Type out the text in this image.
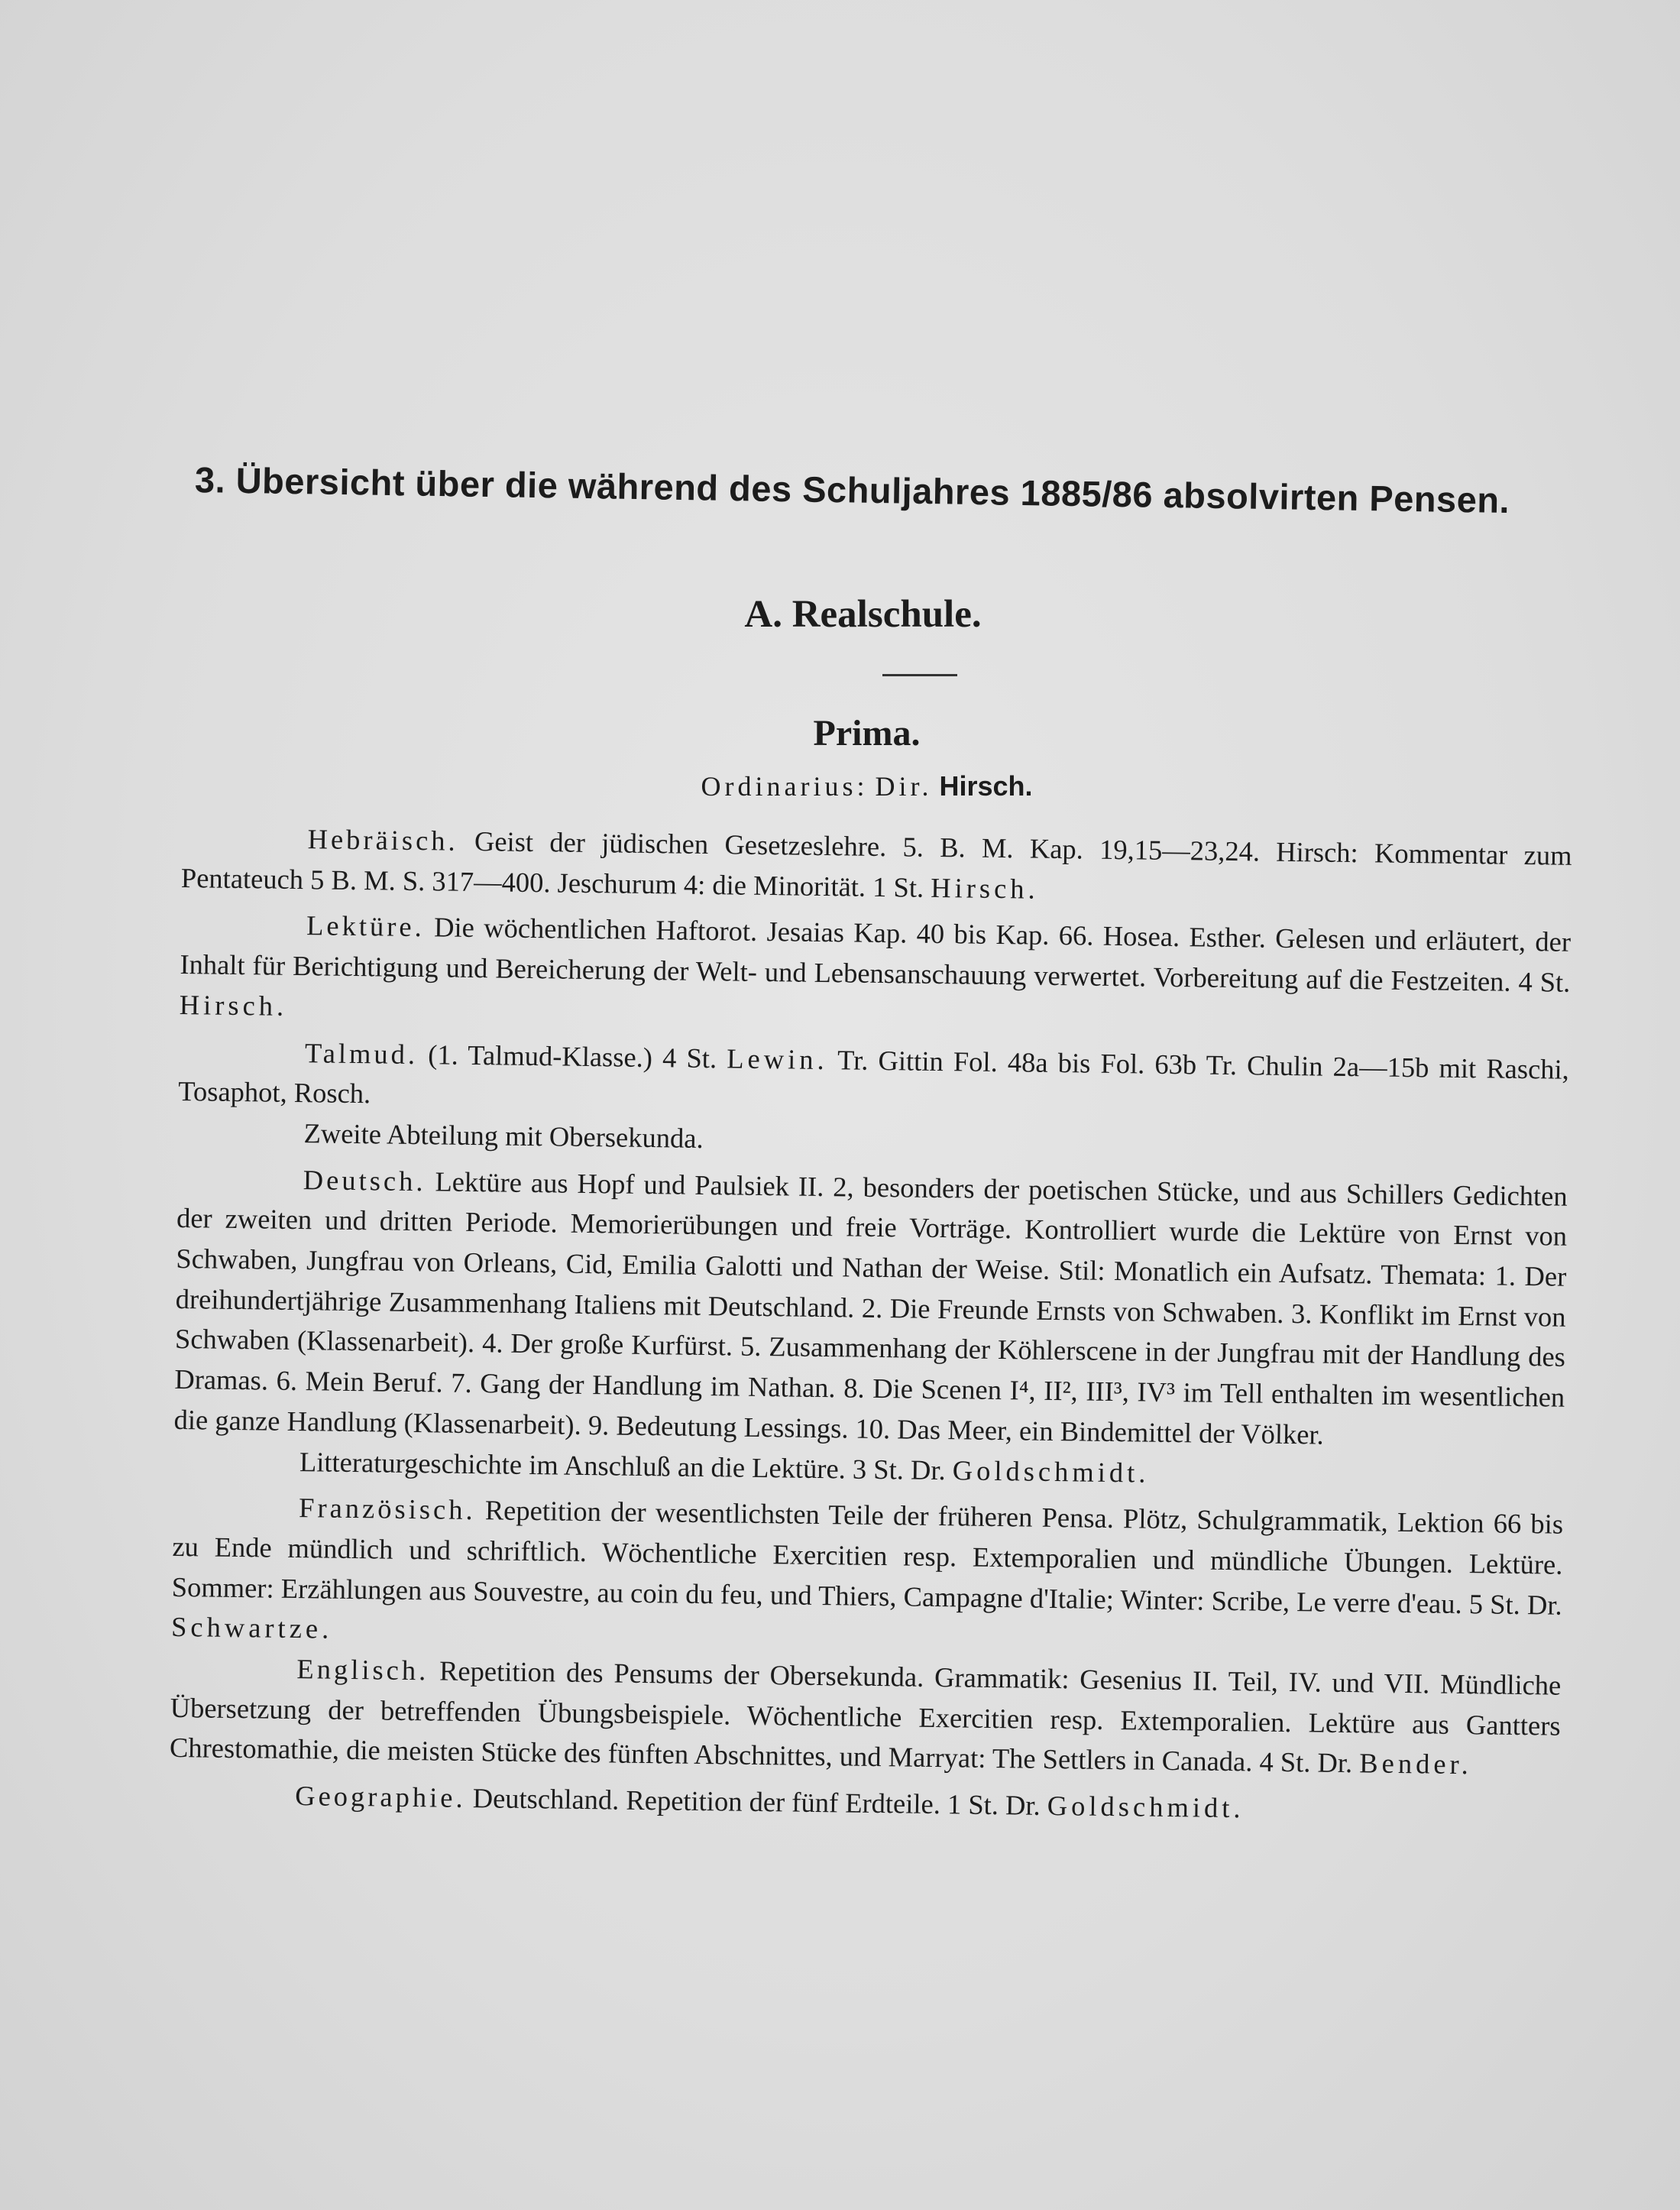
3. Übersicht über die während des Schuljahres 1885/86 absolvirten Pensen.
A. Realschule.
Prima.
Ordinarius: Dir. Hirsch.

Hebräisch. Geist der jüdischen Gesetzeslehre. 5. B. M. Kap. 19,15—23,24. Hirsch: Kommentar zum Pentateuch 5 B. M. S. 317—400. Jeschurum 4: die Minorität. 1 St. Hirsch.

Lektüre. Die wöchentlichen Haftorot. Jesaias Kap. 40 bis Kap. 66. Hosea. Esther. Gelesen und erläutert, der Inhalt für Berichtigung und Bereicherung der Welt- und Lebensanschauung verwertet. Vorbereitung auf die Festzeiten. 4 St. Hirsch.

Talmud. (1. Talmud-Klasse.) 4 St. Lewin. Tr. Gittin Fol. 48a bis Fol. 63b Tr. Chulin 2a—15b mit Raschi, Tosaphot, Rosch.

Zweite Abteilung mit Obersekunda.

Deutsch. Lektüre aus Hopf und Paulsiek II. 2, besonders der poetischen Stücke, und aus Schillers Gedichten der zweiten und dritten Periode. Memorierübungen und freie Vorträge. Kontrolliert wurde die Lektüre von Ernst von Schwaben, Jungfrau von Orleans, Cid, Emilia Galotti und Nathan der Weise. Stil: Monatlich ein Aufsatz. Themata: 1. Der dreihundertjährige Zusammenhang Italiens mit Deutschland. 2. Die Freunde Ernsts von Schwaben. 3. Konflikt im Ernst von Schwaben (Klassenarbeit). 4. Der große Kurfürst. 5. Zusammenhang der Köhlerscene in der Jungfrau mit der Handlung des Dramas. 6. Mein Beruf. 7. Gang der Handlung im Nathan. 8. Die Scenen I⁴, II², III³, IV³ im Tell enthalten im wesentlichen die ganze Handlung (Klassenarbeit). 9. Bedeutung Lessings. 10. Das Meer, ein Bindemittel der Völker.

Litteraturgeschichte im Anschluß an die Lektüre. 3 St. Dr. Goldschmidt.

Französisch. Repetition der wesentlichsten Teile der früheren Pensa. Plötz, Schulgrammatik, Lektion 66 bis zu Ende mündlich und schriftlich. Wöchentliche Exercitien resp. Extemporalien und mündliche Übungen. Lektüre. Sommer: Erzählungen aus Souvestre, au coin du feu, und Thiers, Campagne d'Italie; Winter: Scribe, Le verre d'eau. 5 St. Dr. Schwartze.

Englisch. Repetition des Pensums der Obersekunda. Grammatik: Gesenius II. Teil, IV. und VII. Mündliche Übersetzung der betreffenden Übungsbeispiele. Wöchentliche Exercitien resp. Extemporalien. Lektüre aus Gantters Chrestomathie, die meisten Stücke des fünften Abschnittes, und Marryat: The Settlers in Canada. 4 St. Dr. Bender.

Geographie. Deutschland. Repetition der fünf Erdteile. 1 St. Dr. Goldschmidt.
